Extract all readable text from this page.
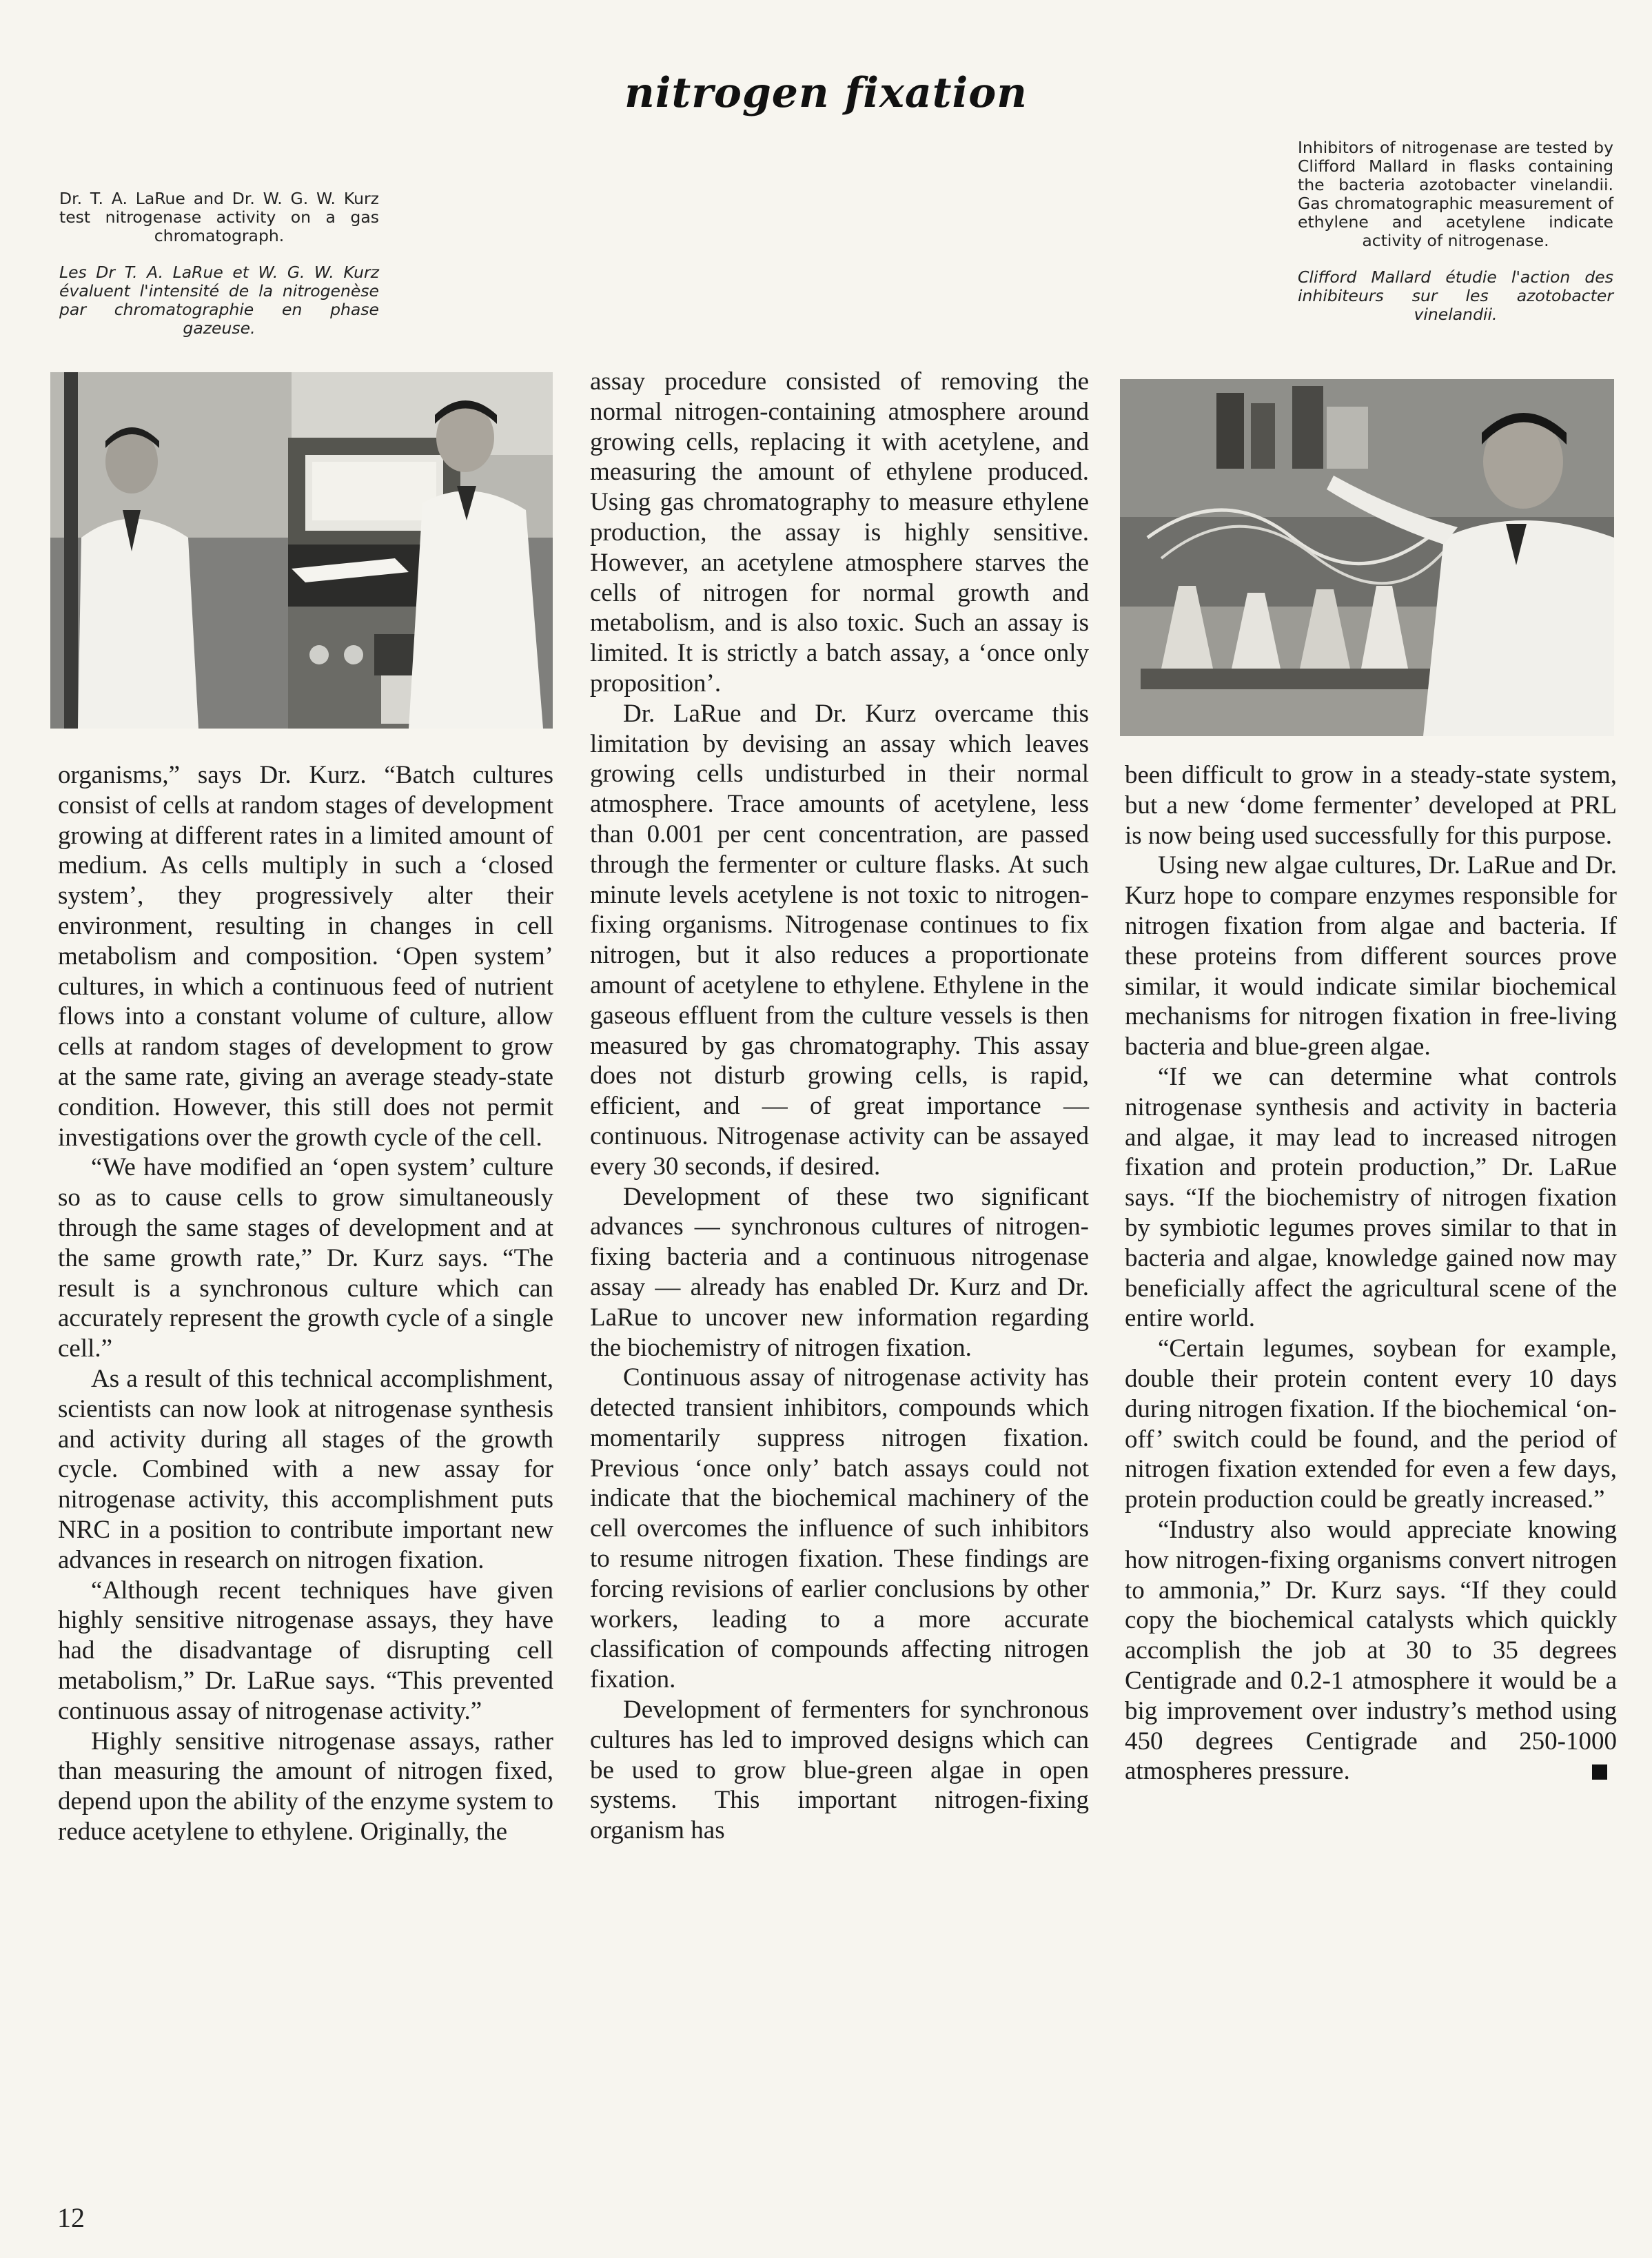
nitrogen fixation

Dr. T. A. LaRue and Dr. W. G. W. Kurz test nitrogenase activity on a gas chromatograph.

Les Dr T. A. LaRue et W. G. W. Kurz évaluent l'intensité de la nitrogenèse par chromatographie en phase gazeuse.

Inhibitors of nitrogenase are tested by Clifford Mallard in flasks containing the bacteria azotobacter vinelandii. Gas chromatographic measurement of ethylene and acetylene indicate activity of nitrogenase.

Clifford Mallard étudie l'action des inhibiteurs sur les azotobacter vinelandii.

organisms,” says Dr. Kurz. “Batch cultures consist of cells at random stages of development growing at different rates in a limited amount of medium. As cells multiply in such a ‘closed system’, they progressively alter their environment, resulting in changes in cell metabolism and composition. ‘Open system’ cultures, in which a continuous feed of nutrient flows into a constant volume of culture, allow cells at random stages of development to grow at the same rate, giving an average steady-state condition. However, this still does not permit investigations over the growth cycle of the cell.

“We have modified an ‘open system’ culture so as to cause cells to grow simultaneously through the same stages of development and at the same growth rate,” Dr. Kurz says. “The result is a synchronous culture which can accurately represent the growth cycle of a single cell.”

As a result of this technical accomplishment, scientists can now look at nitrogenase synthesis and activity during all stages of the growth cycle. Combined with a new assay for nitrogenase activity, this accomplishment puts NRC in a position to contribute important new advances in research on nitrogen fixation.

“Although recent techniques have given highly sensitive nitrogenase assays, they have had the disadvantage of disrupting cell metabolism,” Dr. LaRue says. “This prevented continuous assay of nitrogenase activity.”

Highly sensitive nitrogenase assays, rather than measuring the amount of nitrogen fixed, depend upon the ability of the enzyme system to reduce acetylene to ethylene. Originally, the

assay procedure consisted of removing the normal nitrogen-containing atmosphere around growing cells, replacing it with acetylene, and measuring the amount of ethylene produced. Using gas chromatography to measure ethylene production, the assay is highly sensitive. However, an acetylene atmosphere starves the cells of nitrogen for normal growth and metabolism, and is also toxic. Such an assay is limited. It is strictly a batch assay, a ‘once only proposition’.

Dr. LaRue and Dr. Kurz overcame this limitation by devising an assay which leaves growing cells undisturbed in their normal atmosphere. Trace amounts of acetylene, less than 0.001 per cent concentration, are passed through the fermenter or culture flasks. At such minute levels acetylene is not toxic to nitrogen-fixing organisms. Nitrogenase continues to fix nitrogen, but it also reduces a proportionate amount of acetylene to ethylene. Ethylene in the gaseous effluent from the culture vessels is then measured by gas chromatography. This assay does not disturb growing cells, is rapid, efficient, and — of great importance — continuous. Nitrogenase activity can be assayed every 30 seconds, if desired.

Development of these two significant advances — synchronous cultures of nitrogen-fixing bacteria and a continuous nitrogenase assay — already has enabled Dr. Kurz and Dr. LaRue to uncover new information regarding the biochemistry of nitrogen fixation.

Continuous assay of nitrogenase activity has detected transient inhibitors, compounds which momentarily suppress nitrogen fixation. Previous ‘once only’ batch assays could not indicate that the biochemical machinery of the cell overcomes the influence of such inhibitors to resume nitrogen fixation. These findings are forcing revisions of earlier conclusions by other workers, leading to a more accurate classification of compounds affecting nitrogen fixation.

Development of fermenters for synchronous cultures has led to improved designs which can be used to grow blue-green algae in open systems. This important nitrogen-fixing organism has

been difficult to grow in a steady-state system, but a new ‘dome fermenter’ developed at PRL is now being used successfully for this purpose.

Using new algae cultures, Dr. LaRue and Dr. Kurz hope to compare enzymes responsible for nitrogen fixation from algae and bacteria. If these proteins from different sources prove similar, it would indicate similar biochemical mechanisms for nitrogen fixation in free-living bacteria and blue-green algae.

“If we can determine what controls nitrogenase synthesis and activity in bacteria and algae, it may lead to increased nitrogen fixation and protein production,” Dr. LaRue says. “If the biochemistry of nitrogen fixation by symbiotic legumes proves similar to that in bacteria and algae, knowledge gained now may beneficially affect the agricultural scene of the entire world.

“Certain legumes, soybean for example, double their protein content every 10 days during nitrogen fixation. If the biochemical ‘on-off’ switch could be found, and the period of nitrogen fixation extended for even a few days, protein production could be greatly increased.”

“Industry also would appreciate knowing how nitrogen-fixing organisms convert nitrogen to ammonia,” Dr. Kurz says. “If they could copy the biochemical catalysts which quickly accomplish the job at 30 to 35 degrees Centigrade and 0.2-1 atmosphere it would be a big improvement over industry’s method using 450 degrees Centigrade and 250-1000 atmospheres pressure.

12
